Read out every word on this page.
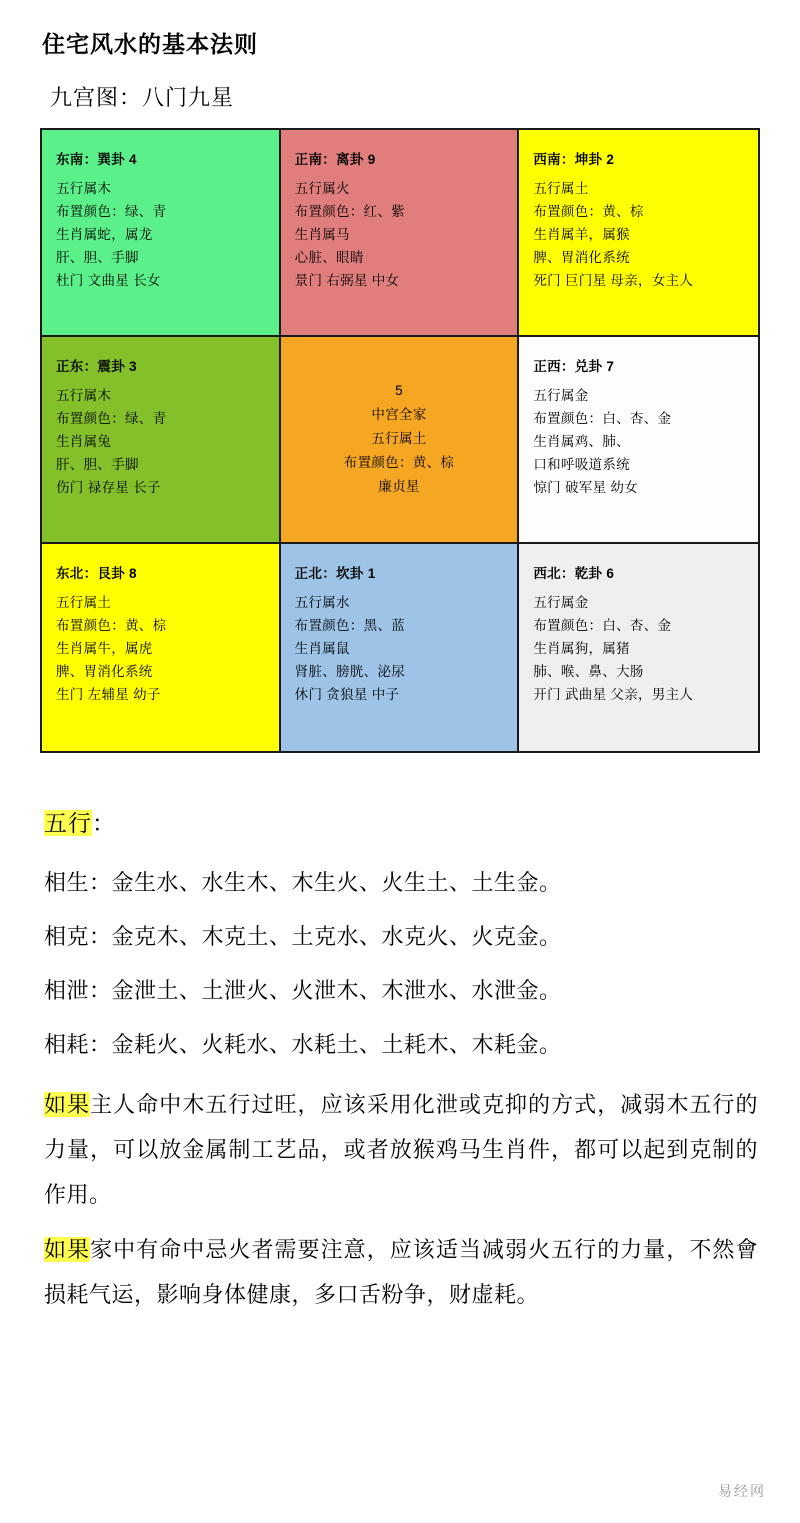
住宅风水的基本法则
九宫图：八门九星
东南：巽卦 4
五行属木
布置颜色：绿、青
生肖属蛇，属龙
肝、胆、手脚
杜门 文曲星 长女
正南：离卦 9
五行属火
布置颜色：红、紫
生肖属马
心脏、眼睛
景门 右弼星 中女
西南：坤卦 2
五行属土
布置颜色：黄、棕
生肖属羊，属猴
脾、胃消化系统
死门 巨门星 母亲，女主人
正东：震卦 3
五行属木
布置颜色：绿、青
生肖属兔
肝、胆、手脚
伤门 禄存星 长子
5
中宫全家
五行属土
布置颜色：黄、棕
廉贞星
正西：兑卦 7
五行属金
布置颜色：白、杏、金
生肖属鸡、肺、
口和呼吸道系统
惊门 破军星 幼女
东北：艮卦 8
五行属土
布置颜色：黄、棕
生肖属牛，属虎
脾、胃消化系统
生门 左辅星 幼子
正北：坎卦 1
五行属水
布置颜色：黑、蓝
生肖属鼠
肾脏、膀胱、泌尿
休门 贪狼星 中子
西北：乾卦 6
五行属金
布置颜色：白、杏、金
生肖属狗，属猪
肺、喉、鼻、大肠
开门 武曲星 父亲，男主人
五行：
相生：金生水、水生木、木生火、火生土、土生金。
相克：金克木、木克土、土克水、水克火、火克金。
相泄：金泄土、土泄火、火泄木、木泄水、水泄金。
相耗：金耗火、火耗水、水耗土、土耗木、木耗金。
如果主人命中木五行过旺，应该采用化泄或克抑的方式，减弱木五行的力量，可以放金属制工艺品，或者放猴鸡马生肖件，都可以起到克制的作用。
如果家中有命中忌火者需要注意，应该适当减弱火五行的力量，不然會损耗气运，影响身体健康，多口舌粉争，财虚耗。
易经网
